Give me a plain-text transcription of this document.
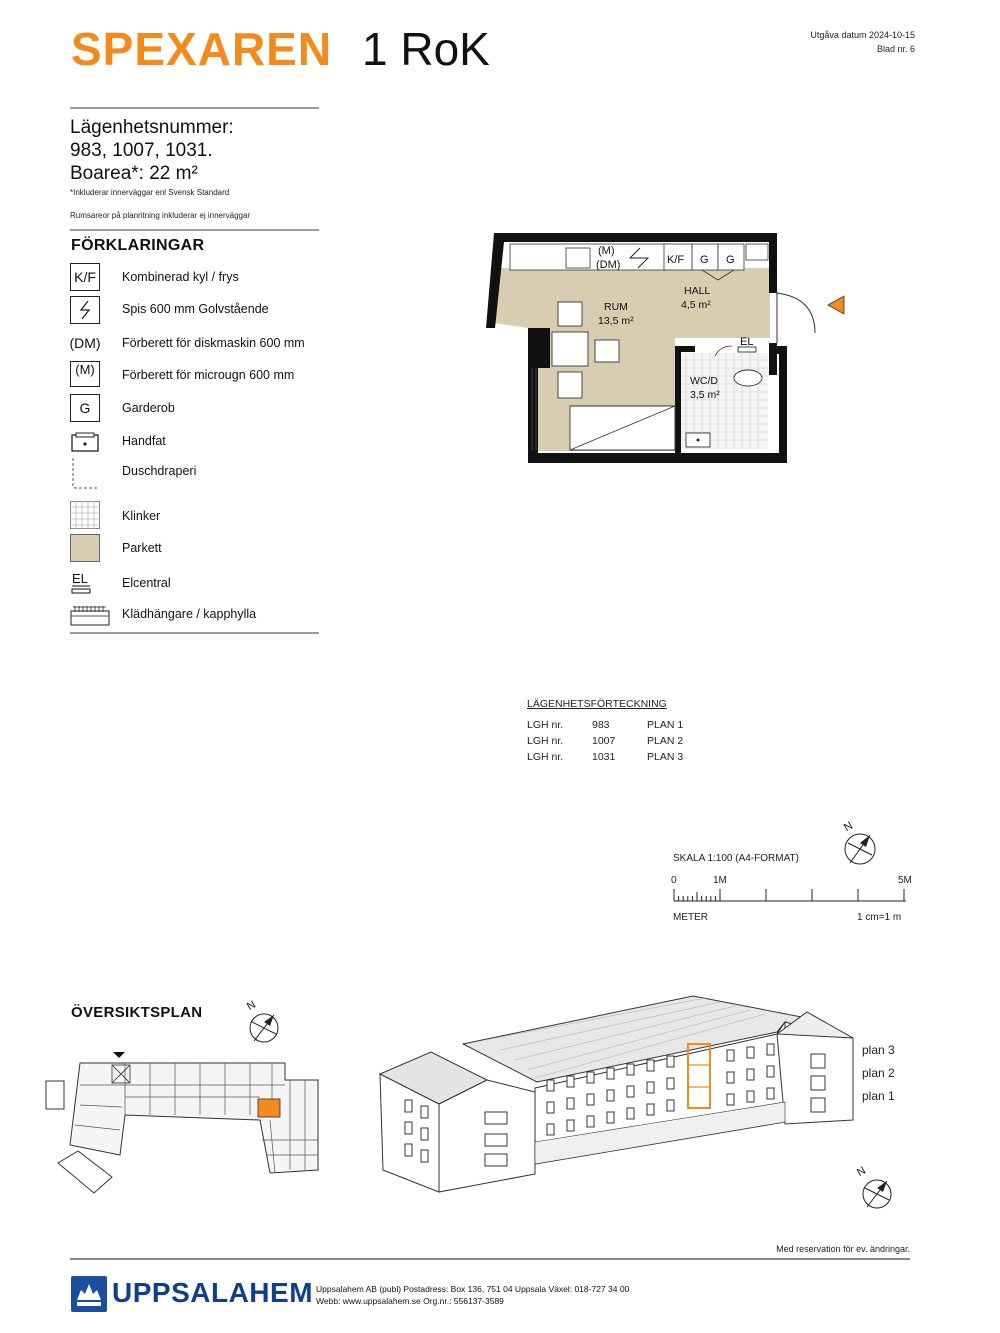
SPEXAREN 1 RoK	Utgåva datum 2024-10-15
Blad nr. 6
Lägenhetsnummer:
983, 1007, 1031.
Boarea*: 22 m²
*Inkluderar innerväggar enl Svensk Standard
Rumsareor på planritning inkluderar ej innerväggar
FÖRKLARINGAR
K/F Kombinerad kyl / frys
Spis 600 mm Golvstående
(DM) Förberett för diskmaskin 600 mm
(M) Förberett för microugn 600 mm
G	Garderob
Handfat
Duschdraperi
Klinker
Parkett
EL	Elcentral
Klädhängare / kapphylla
(M)
(DM)	K/F G G
RUM
13,5 m²
HALL
4,5 m²
WC/D
3,5 m²
EL
LÄGENHETSFÖRTECKNING
LGH nr.	983	PLAN 1
LGH nr.	1007	PLAN 2
LGH nr.	1031	PLAN 3
N
SKALA 1:100 (A4-FORMAT)
0	1M	5M
METER	1 cm=1 m
ÖVERSIKTSPLAN	N
plan 3
plan 2
plan 1
N
Med reservation för ev. ändringar.
UPPSALAHEM Uppsalahem AB (publ) Postadress: Box 136, 751 04 Uppsala Växel: 018-727 34 00
Webb: www.uppsalahem.se Org.nr.: 556137-3589
